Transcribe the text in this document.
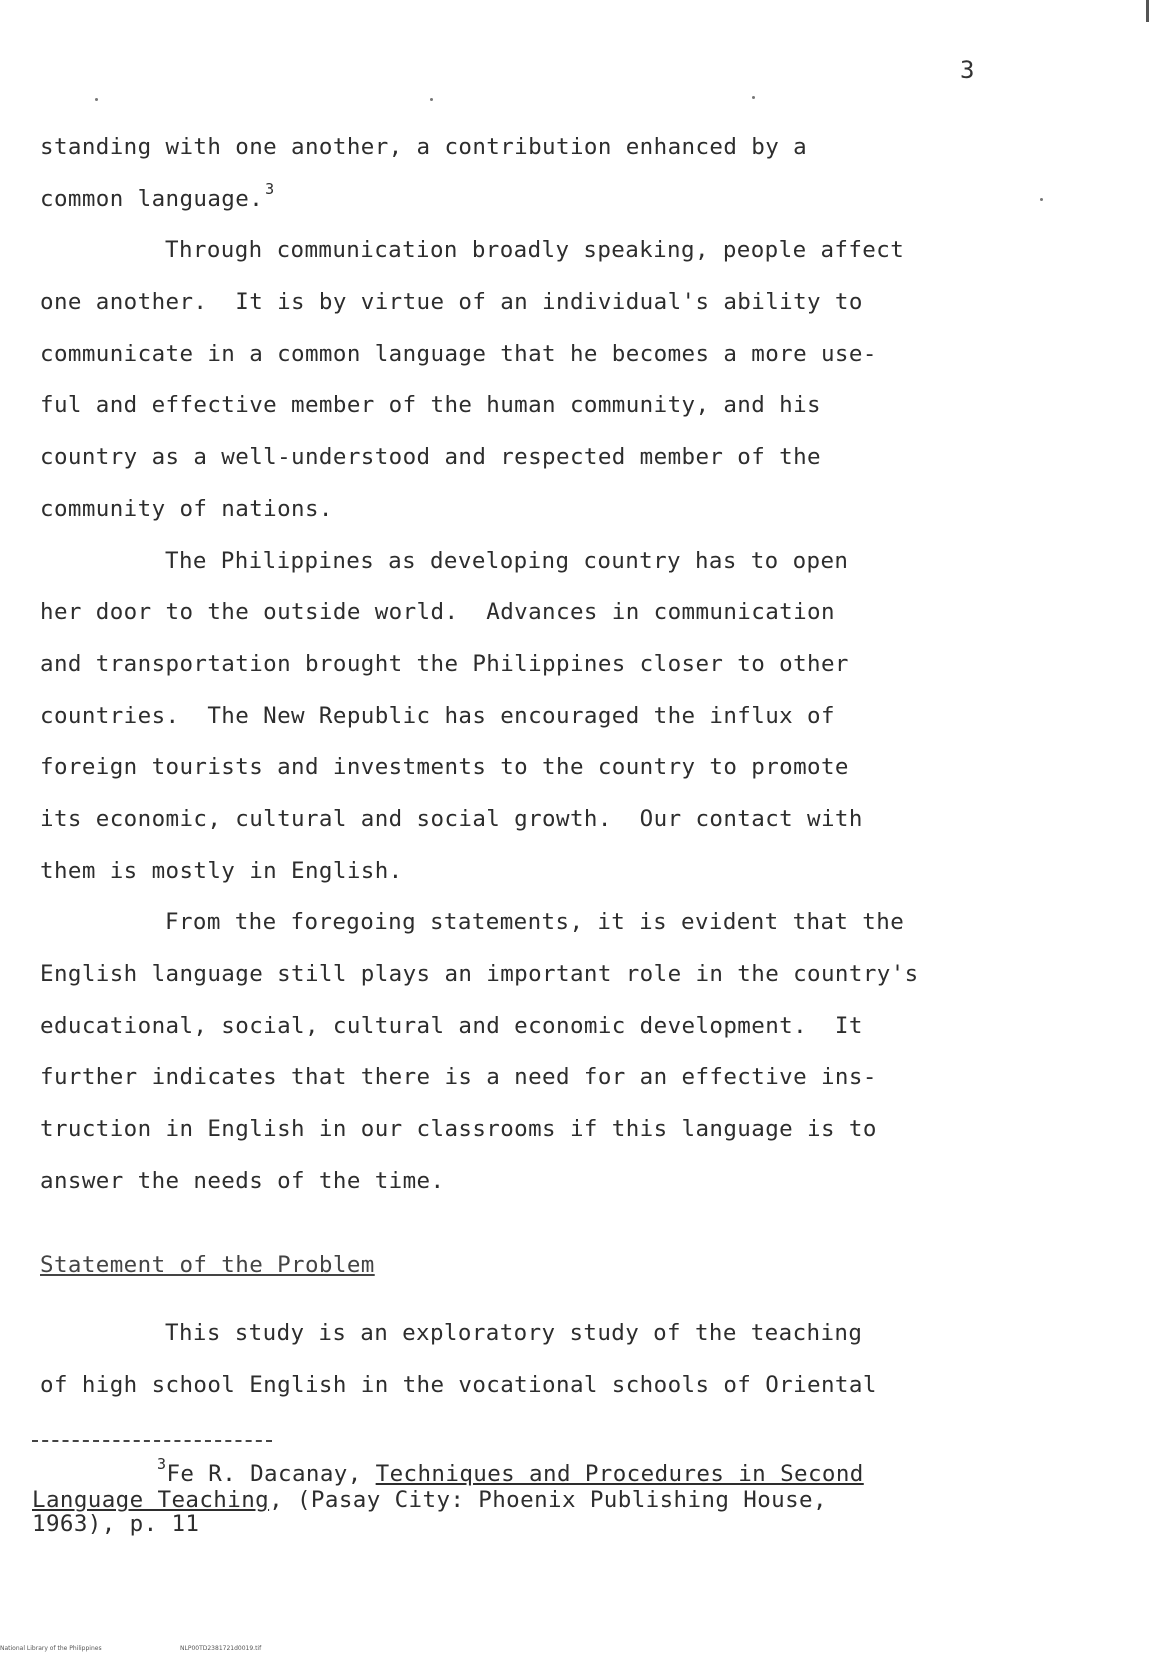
3
standing with one another, a contribution enhanced by a
common language. $^3$
Through communication broadly speaking, people affect
one another.  It is by virtue of an individual's ability to
communicate in a common language that he becomes a more use-
ful and effective member of the human community, and his
country as a well-understood and respected member of the
community of nations.
The Philippines as developing country has to open
her door to the outside world.  Advances in communication
and transportation brought the Philippines closer to other
countries.  The New Republic has encouraged the influx of
foreign tourists and investments to the country to promote
its economic, cultural and social growth.  Our contact with
them is mostly in English.
From the foregoing statements, it is evident that the
English language still plays an important role in the country's
educational, social, cultural and economic development.  It
further indicates that there is a need for an effective ins-
truction in English in our classrooms if this language is to
answer the needs of the time.
Statement of the Problem
This study is an exploratory study of the teaching
of high school English in the vocational schools of Oriental
$^3$Fe R. Dacanay, Techniques and Procedures in Second
Language Teaching, (Pasay City: Phoenix Publishing House,
1963), p. 11
National Library of the Philippines	NLP00TD2381721d0019.tif
